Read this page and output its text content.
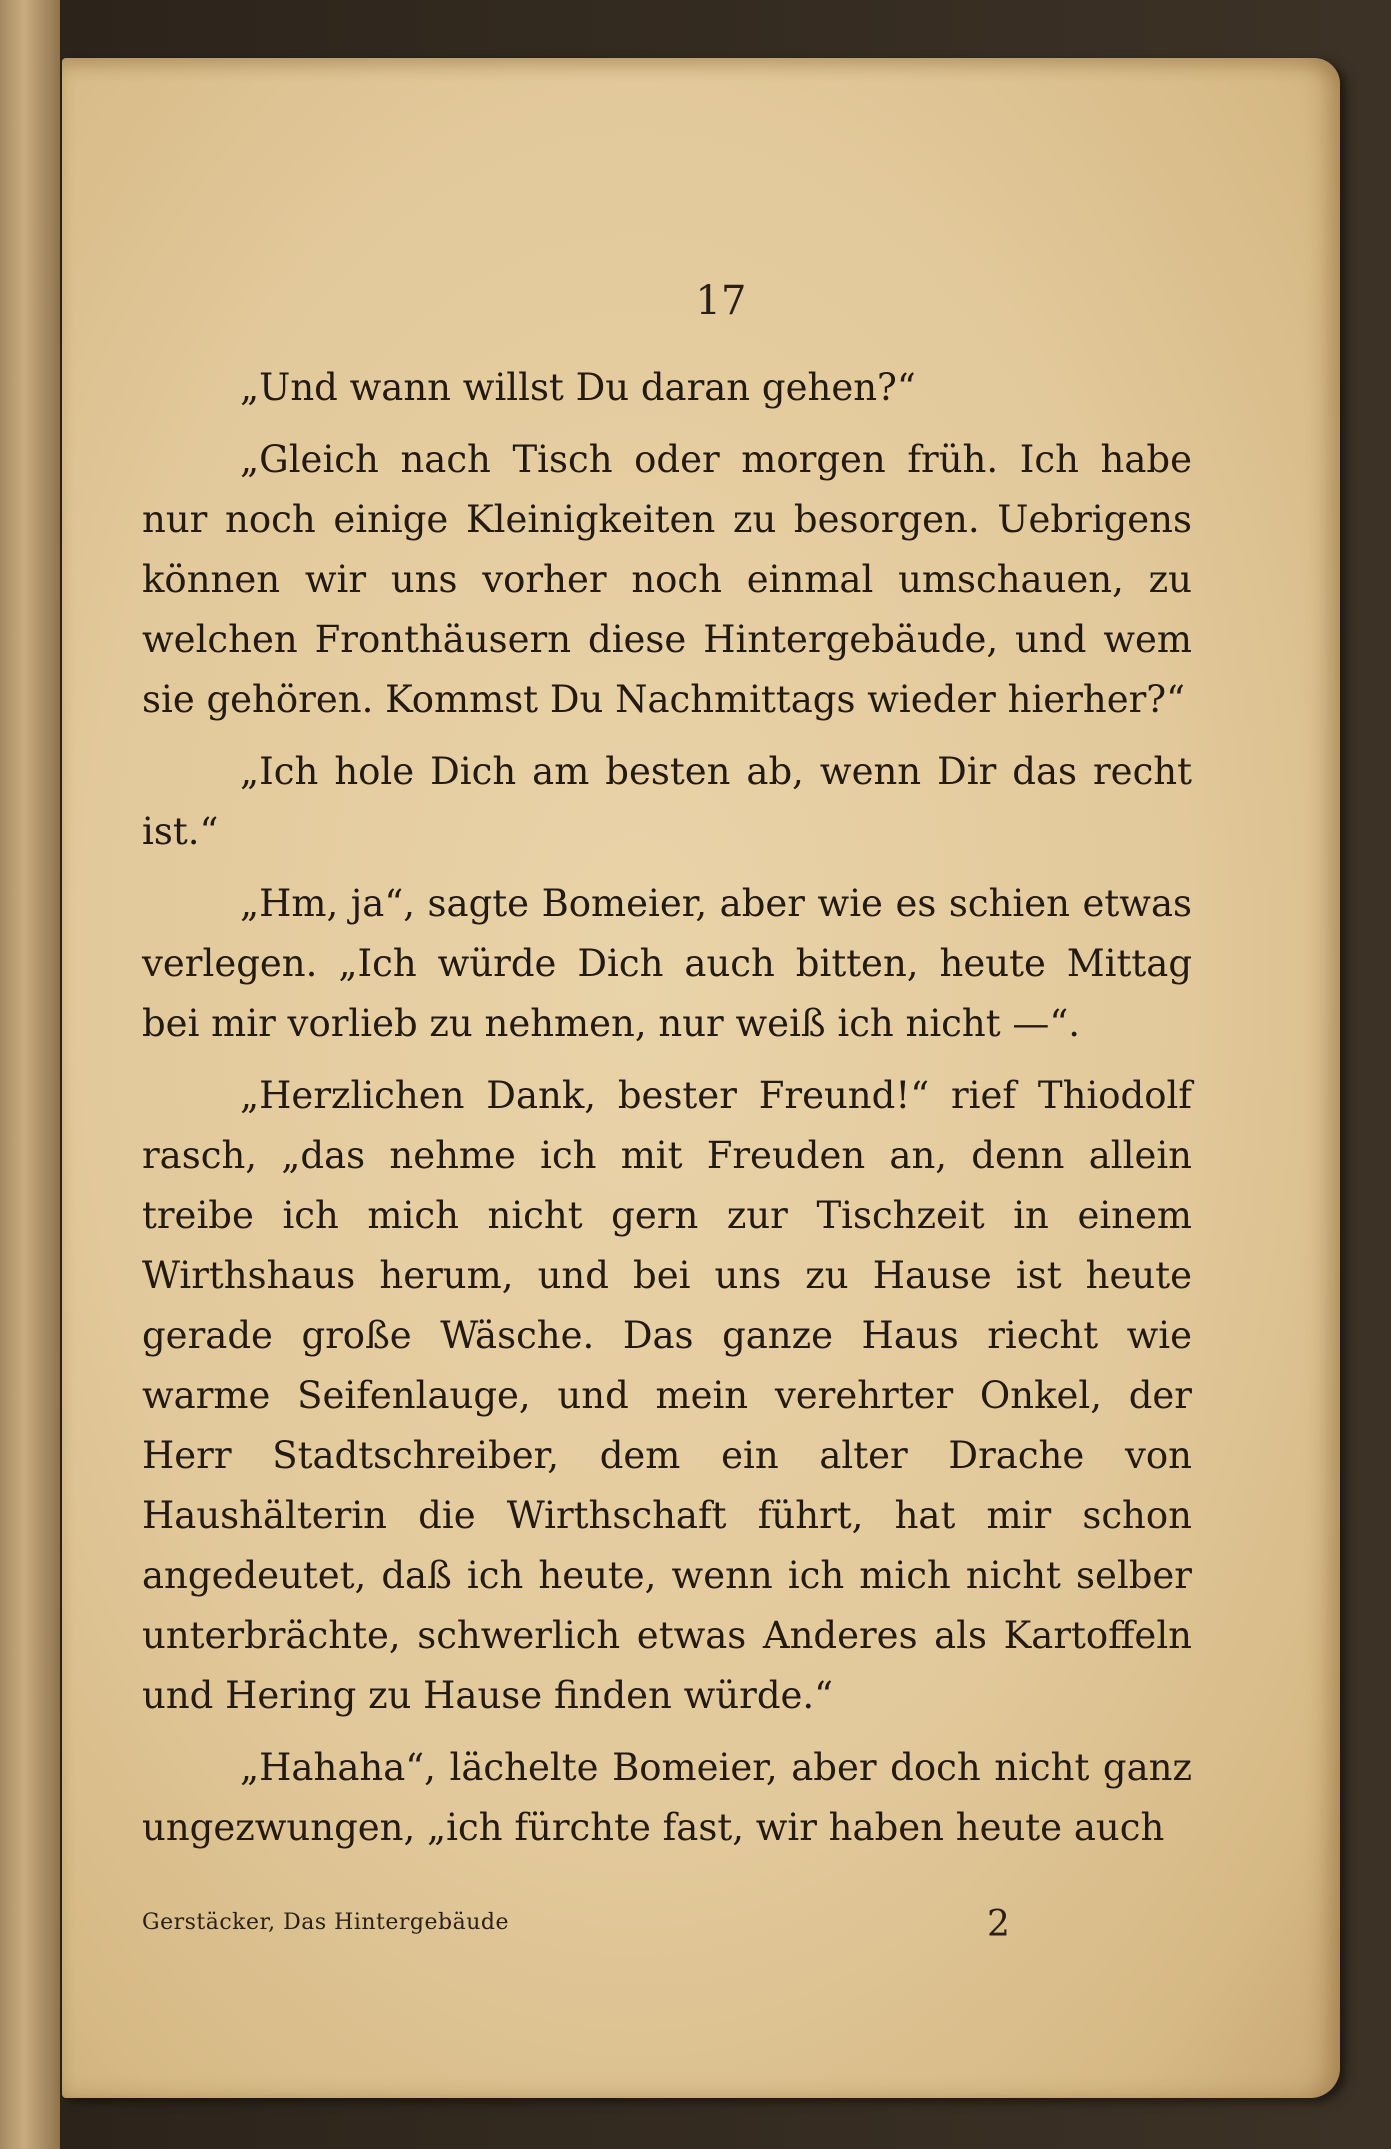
17

„Und wann willst Du daran gehen?“

„Gleich nach Tisch oder morgen früh. Ich habe nur noch einige Kleinigkeiten zu besorgen. Uebrigens können wir uns vorher noch einmal umschauen, zu welchen Fronthäusern diese Hintergebäude, und wem sie gehören. Kommst Du Nachmittags wieder hierher?“

„Ich hole Dich am besten ab, wenn Dir das recht ist.“

„Hm, ja“, sagte Bomeier, aber wie es schien etwas verlegen. „Ich würde Dich auch bitten, heute Mittag bei mir vorlieb zu nehmen, nur weiß ich nicht —“.

„Herzlichen Dank, bester Freund!“ rief Thiodolf rasch, „das nehme ich mit Freuden an, denn allein treibe ich mich nicht gern zur Tischzeit in einem Wirthshaus herum, und bei uns zu Hause ist heute gerade große Wäsche. Das ganze Haus riecht wie warme Seifenlauge, und mein verehrter Onkel, der Herr Stadtschreiber, dem ein alter Drache von Haushälterin die Wirthschaft führt, hat mir schon angedeutet, daß ich heute, wenn ich mich nicht selber unterbrächte, schwerlich etwas Anderes als Kartoffeln und Hering zu Hause finden würde.“

„Hahaha“, lächelte Bomeier, aber doch nicht ganz ungezwungen, „ich fürchte fast, wir haben heute auch

Gerstäcker, Das Hintergebäude	2
